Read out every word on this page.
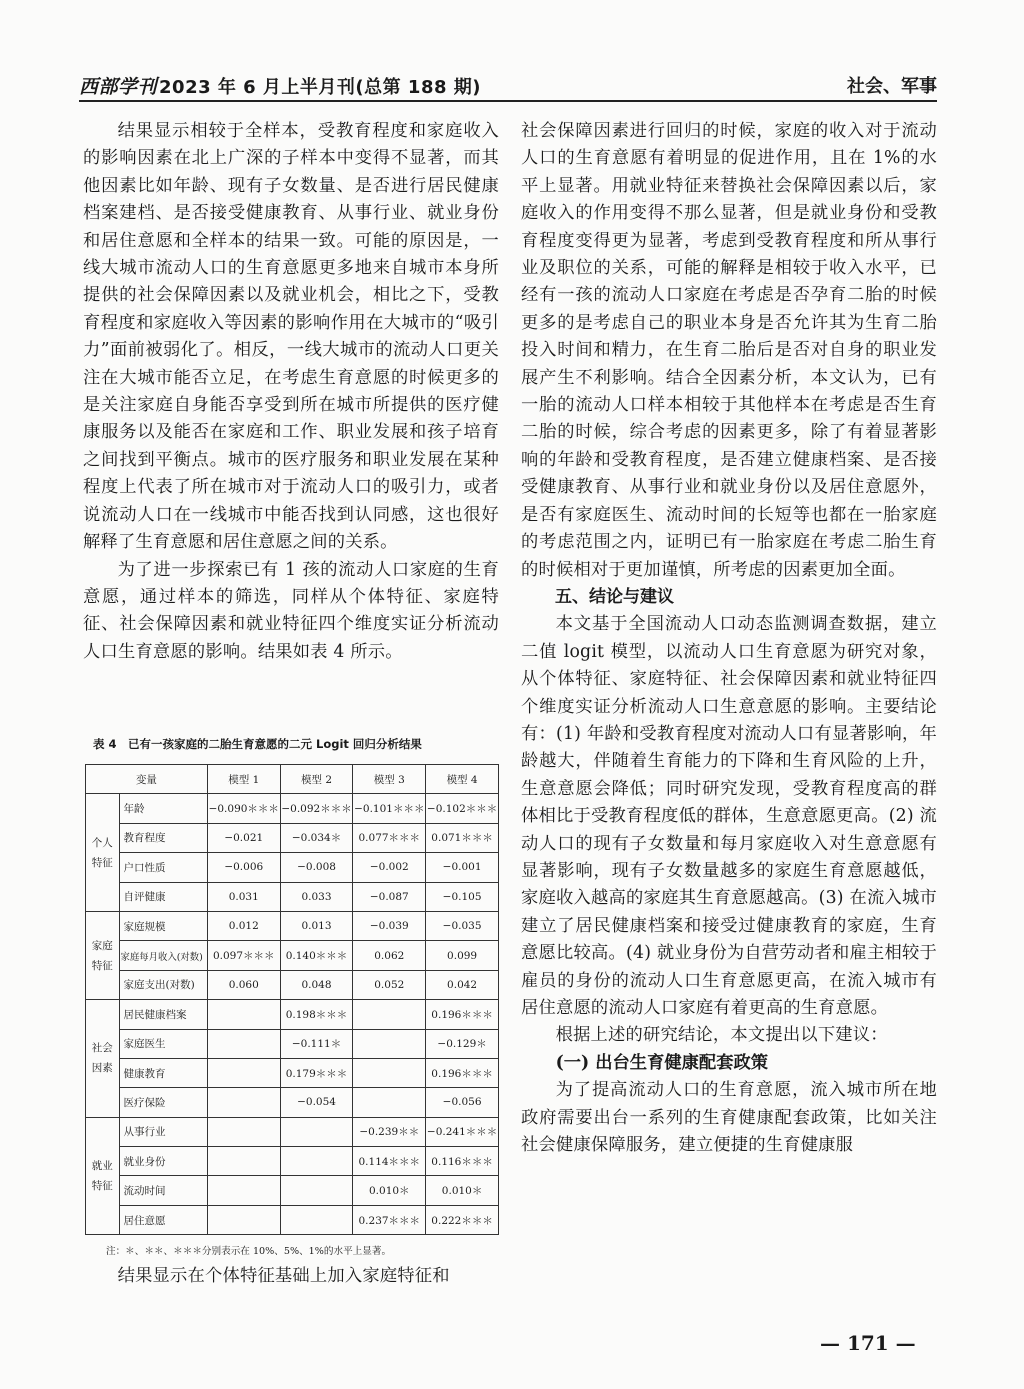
西部学刊 2023 年 6 月上半月刊(总第 188 期)	社会、军事

结果显示相较于全样本，受教育程度和家庭收入的影响因素在北上广深的子样本中变得不显著，而其他因素比如年龄、现有子女数量、是否进行居民健康档案建档、是否接受健康教育、从事行业、就业身份和居住意愿和全样本的结果一致。可能的原因是，一线大城市流动人口的生育意愿更多地来自城市本身所提供的社会保障因素以及就业机会，相比之下，受教育程度和家庭收入等因素的影响作用在大城市的“吸引力”面前被弱化了。相反，一线大城市的流动人口更关注在大城市能否立足，在考虑生育意愿的时候更多的是关注家庭自身能否享受到所在城市所提供的医疗健康服务以及能否在家庭和工作、职业发展和孩子培育之间找到平衡点。城市的医疗服务和职业发展在某种程度上代表了所在城市对于流动人口的吸引力，或者说流动人口在一线城市中能否找到认同感，这也很好解释了生育意愿和居住意愿之间的关系。

为了进一步探索已有 1 孩的流动人口家庭的生育意愿，通过样本的筛选，同样从个体特征、家庭特征、社会保障因素和就业特征四个维度实证分析流动人口生育意愿的影响。结果如表 4 所示。

表 4　已有一孩家庭的二胎生育意愿的二元 Logit 回归分析结果
变量		模型 1	模型 2	模型 3	模型 4
个人
特征	年龄	−0.090＊＊＊	−0.092＊＊＊	−0.101＊＊＊	−0.102＊＊＊
	教育程度	−0.021	−0.034＊	0.077＊＊＊	0.071＊＊＊
	户口性质	−0.006	−0.008	−0.002	−0.001
	自评健康	0.031	0.033	−0.087	−0.105
家庭
特征	家庭规模	0.012	0.013	−0.039	−0.035
	家庭每月收入(对数)	0.097＊＊＊	0.140＊＊＊	0.062	0.099
	家庭支出(对数)	0.060	0.048	0.052	0.042
社会
因素	居民健康档案		0.198＊＊＊		0.196＊＊＊
	家庭医生		−0.111＊		−0.129＊
	健康教育		0.179＊＊＊		0.196＊＊＊
	医疗保险		−0.054		−0.056
就业
特征	从事行业			−0.239＊＊	−0.241＊＊＊
	就业身份			0.114＊＊＊	0.116＊＊＊
	流动时间			0.010＊	0.010＊
	居住意愿			0.237＊＊＊	0.222＊＊＊
注：＊、＊＊、＊＊＊分别表示在 10%、5%、1%的水平上显著。

结果显示在个体特征基础上加入家庭特征和

社会保障因素进行回归的时候，家庭的收入对于流动人口的生育意愿有着明显的促进作用，且在 1%的水平上显著。用就业特征来替换社会保障因素以后，家庭收入的作用变得不那么显著，但是就业身份和受教育程度变得更为显著，考虑到受教育程度和所从事行业及职位的关系，可能的解释是相较于收入水平，已经有一孩的流动人口家庭在考虑是否孕育二胎的时候更多的是考虑自己的职业本身是否允许其为生育二胎投入时间和精力，在生育二胎后是否对自身的职业发展产生不利影响。结合全因素分析，本文认为，已有一胎的流动人口样本相较于其他样本在考虑是否生育二胎的时候，综合考虑的因素更多，除了有着显著影响的年龄和受教育程度，是否建立健康档案、是否接受健康教育、从事行业和就业身份以及居住意愿外，是否有家庭医生、流动时间的长短等也都在一胎家庭的考虑范围之内，证明已有一胎家庭在考虑二胎生育的时候相对于更加谨慎，所考虑的因素更加全面。

五、结论与建议

本文基于全国流动人口动态监测调查数据，建立二值 logit 模型，以流动人口生育意愿为研究对象，从个体特征、家庭特征、社会保障因素和就业特征四个维度实证分析流动人口生意意愿的影响。主要结论有：(1) 年龄和受教育程度对流动人口有显著影响，年龄越大，伴随着生育能力的下降和生育风险的上升，生意意愿会降低；同时研究发现，受教育程度高的群体相比于受教育程度低的群体，生意意愿更高。(2) 流动人口的现有子女数量和每月家庭收入对生意意愿有显著影响，现有子女数量越多的家庭生育意愿越低，家庭收入越高的家庭其生育意愿越高。(3) 在流入城市建立了居民健康档案和接受过健康教育的家庭，生育意愿比较高。(4) 就业身份为自营劳动者和雇主相较于雇员的身份的流动人口生育意愿更高，在流入城市有居住意愿的流动人口家庭有着更高的生育意愿。

根据上述的研究结论，本文提出以下建议：

(一) 出台生育健康配套政策

为了提高流动人口的生育意愿，流入城市所在地政府需要出台一系列的生育健康配套政策，比如关注社会健康保障服务，建立便捷的生育健康服

— 171 —
